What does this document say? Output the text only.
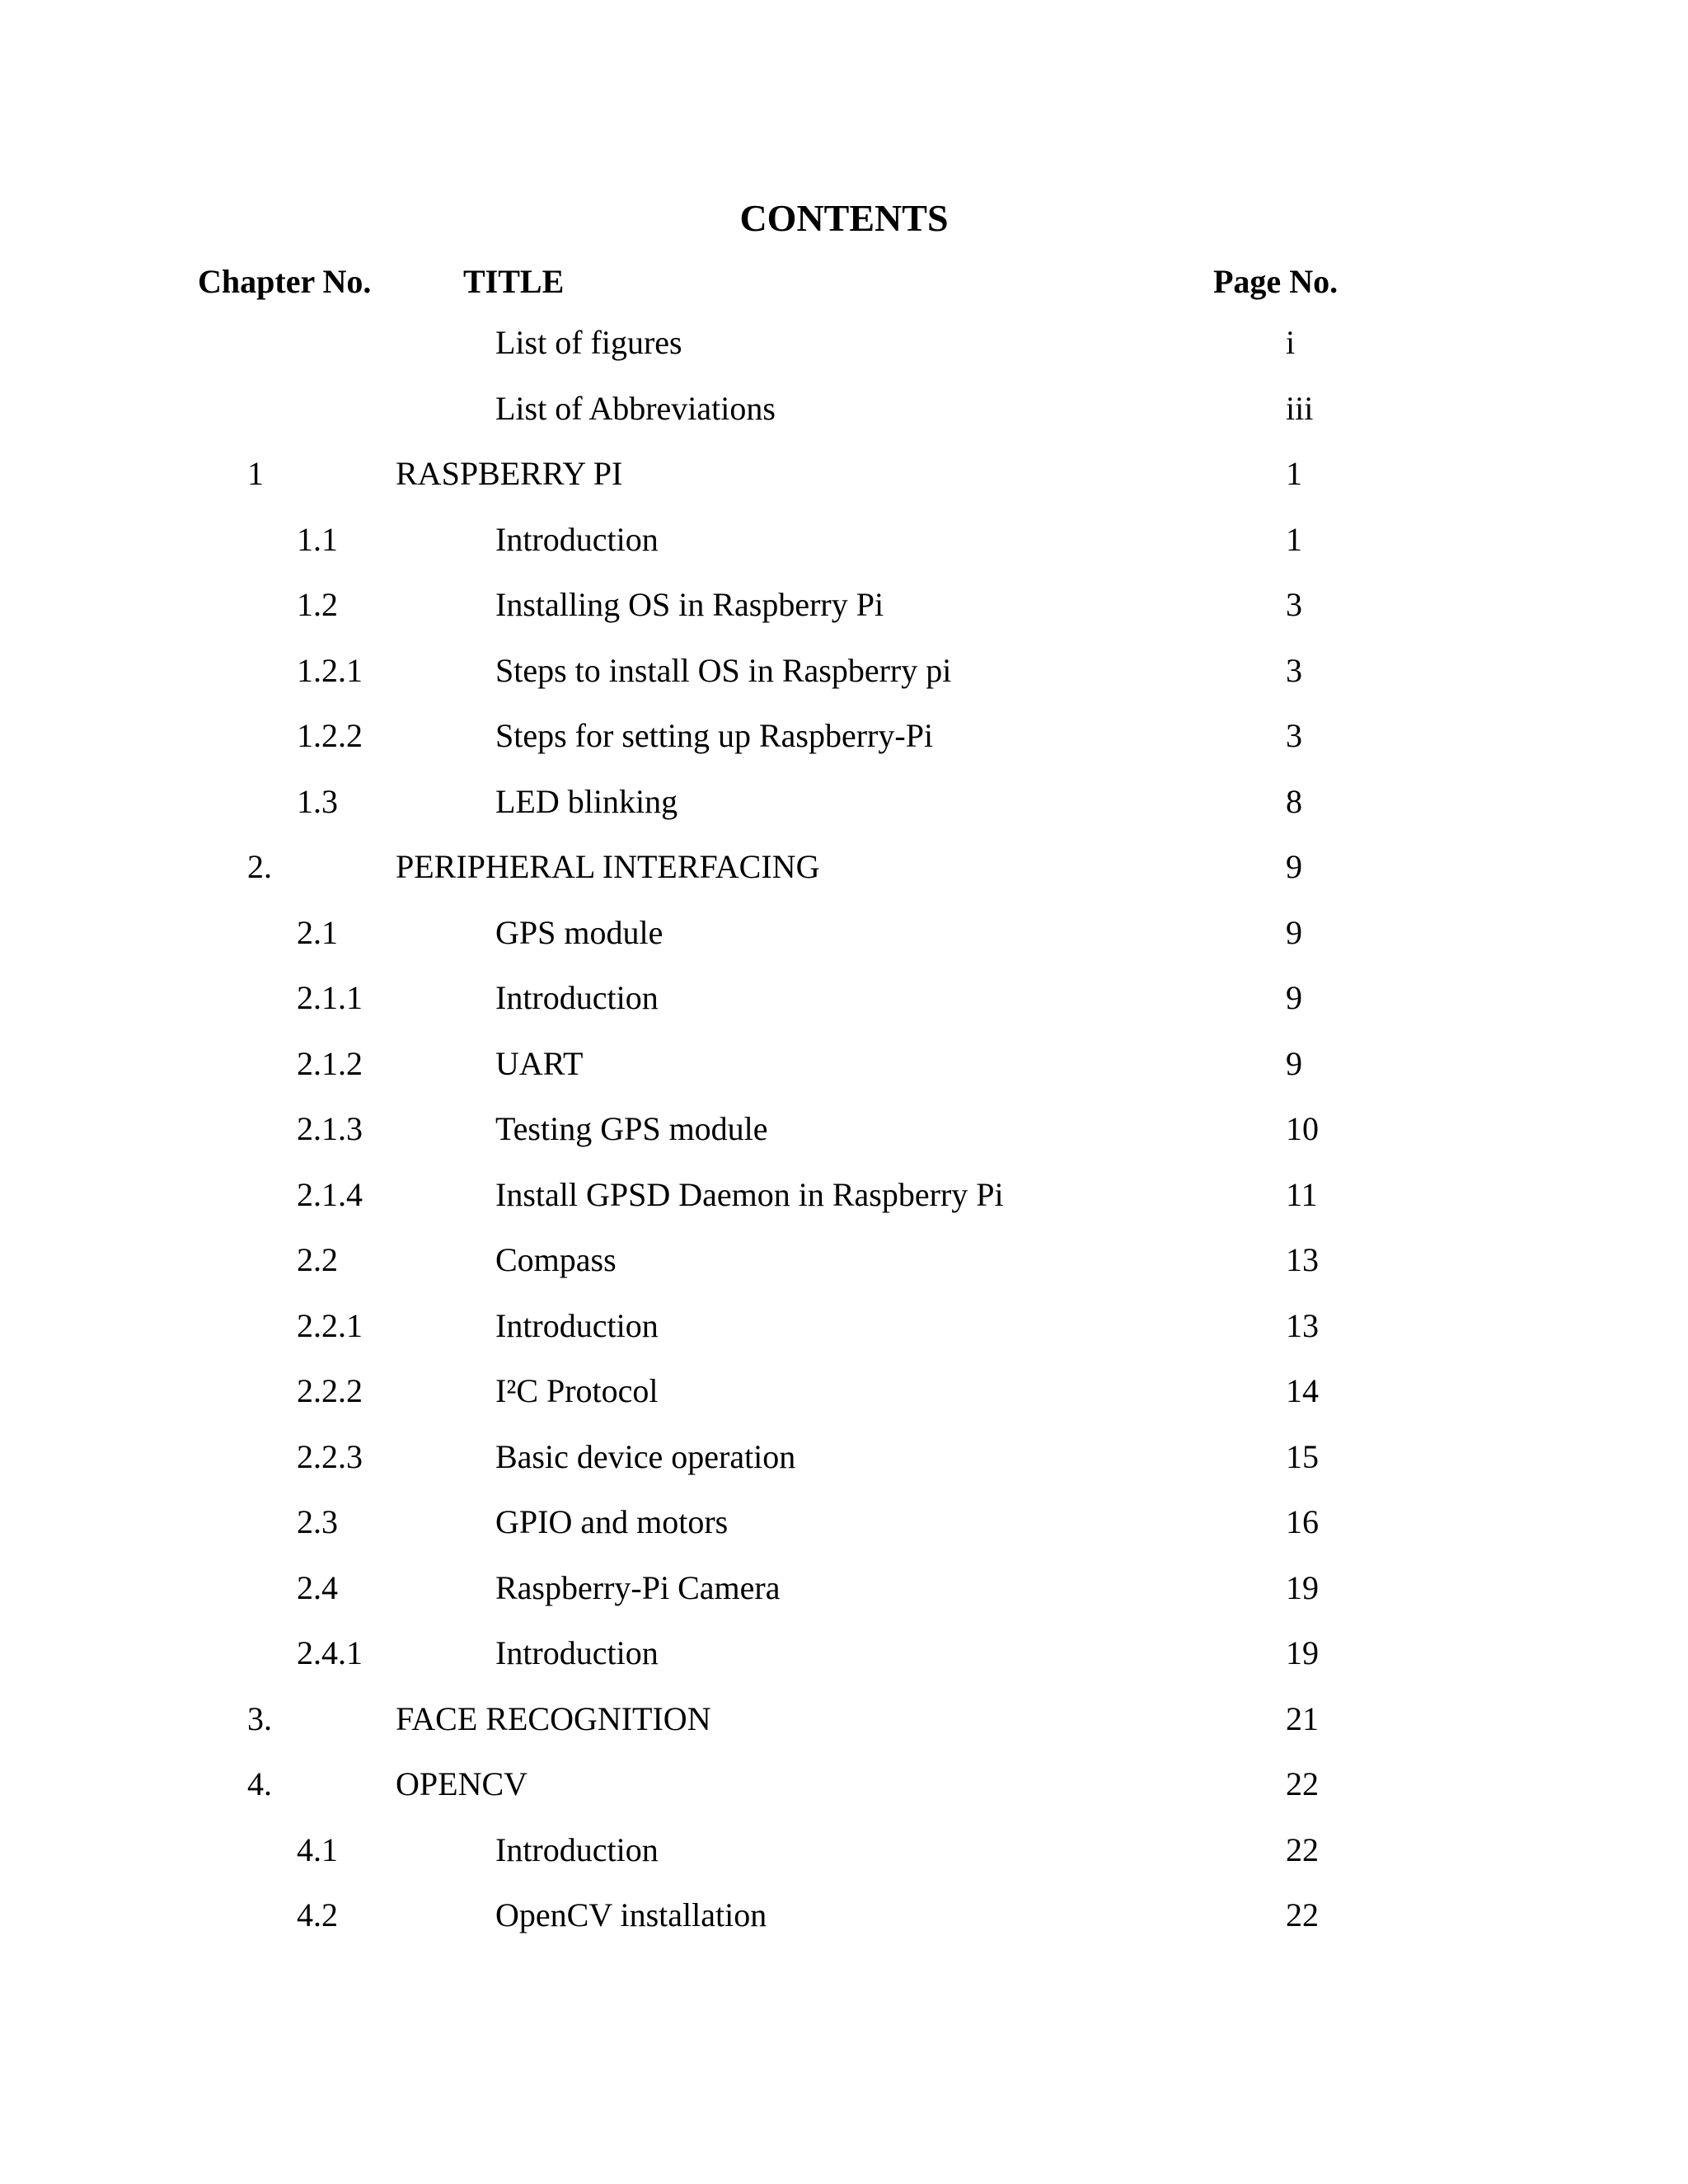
CONTENTS
Chapter No.	TITLE	Page No.
List of figures	i
List of Abbreviations	iii
1	RASPBERRY PI	1
1.1	Introduction	1
1.2	Installing OS in Raspberry Pi	3
1.2.1	Steps to install OS in Raspberry pi	3
1.2.2	Steps for setting up Raspberry-Pi	3
1.3	LED blinking	8
2.	PERIPHERAL INTERFACING	9
2.1	GPS module	9
2.1.1	Introduction	9
2.1.2	UART	9
2.1.3	Testing GPS module	10
2.1.4	Install GPSD Daemon in Raspberry Pi	11
2.2	Compass	13
2.2.1	Introduction	13
2.2.2	I²C Protocol	14
2.2.3	Basic device operation	15
2.3	GPIO and motors	16
2.4	Raspberry-Pi Camera	19
2.4.1	Introduction	19
3.	FACE RECOGNITION	21
4.	OPENCV	22
4.1	Introduction	22
4.2	OpenCV installation	22
